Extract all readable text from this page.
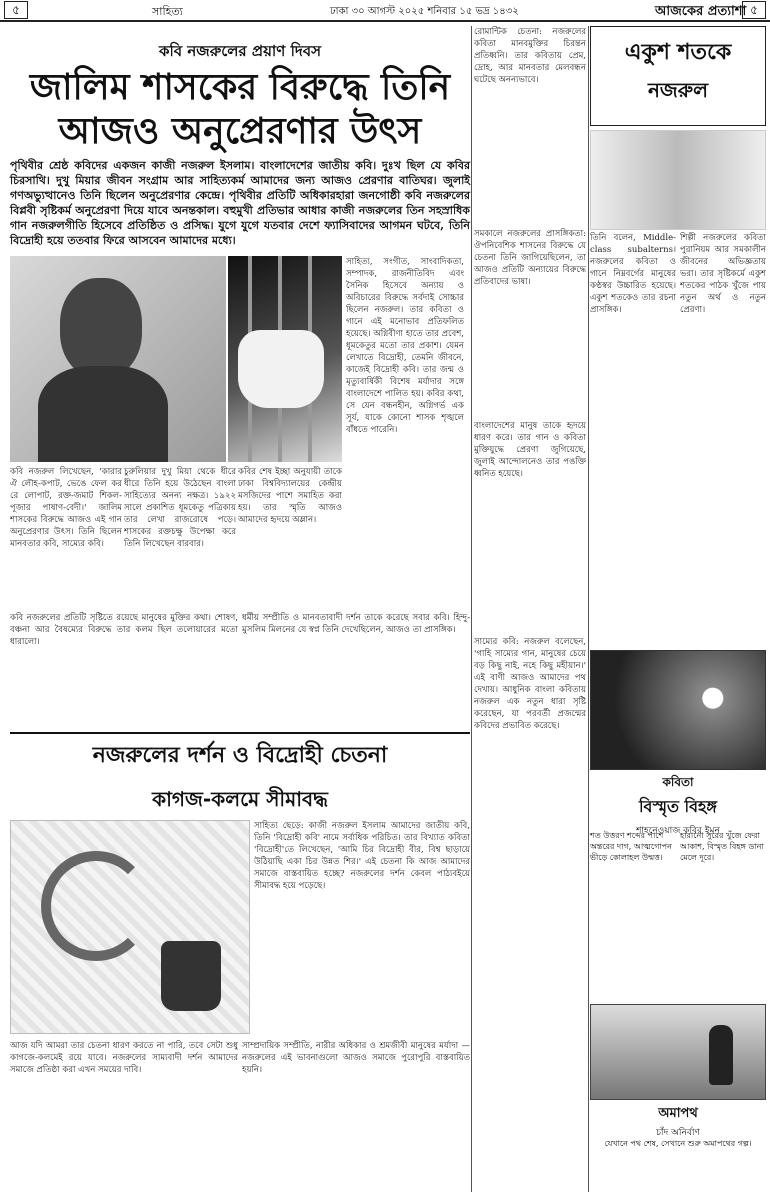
৫	সাহিত্য	ঢাকা ৩০ আগস্ট ২০২৫ শনিবার ১৫ ভদ্র ১৪৩২	আজকের প্রত্যাশা ৫
কবি নজরুলের প্রয়াণ দিবস
জালিম শাসকের বিরুদ্ধে তিনি
আজও অনুপ্রেরণার উৎস
পৃথিবীর শ্রেষ্ঠ কবিদের একজন কাজী নজরুল ইসলাম। বাংলাদেশের জাতীয় কবি। দুঃখ ছিল যে কবির চিরসাথি। দুখু মিয়ার জীবন সংগ্রাম আর সাহিত্যকর্ম আমাদের জন্য আজও প্রেরণার বাতিঘর। জুলাই গণঅভ্যুত্থানেও তিনি ছিলেন অনুপ্রেরণার কেন্দ্রে। পৃথিবীর প্রতিটি অধিকারহারা জনগোষ্ঠী কবি নজরুলের বিপ্লবী সৃষ্টিকর্ম অনুপ্রেরণা দিয়ে যাবে অনন্তকাল। বহুমুখী প্রতিভার আধার কাজী নজরুলের তিন সহস্রাধিক গান নজরুলগীতি হিসেবে প্রতিষ্ঠিত ও প্রসিদ্ধ। যুগে যুগে যতবার দেশে ফ্যাসিবাদের আগমন ঘটবে, তিনি বিদ্রোহী হয়ে ততবার ফিরে আসবেন আমাদের মধ্যে।
সাহিত্য, সংগীত, সাংবাদিকতা, সম্পাদক, রাজনীতিবিদ এবং সৈনিক হিসেবে অন্যায় ও অবিচারের বিরুদ্ধে সর্বদাই সোচ্চার ছিলেন নজরুল। তার কবিতা ও গানে এই মনোভাব প্রতিফলিত হয়েছে। অগ্নিবীণা হাতে তার প্রবেশ, ধূমকেতুর মতো তার প্রকাশ। যেমন লেখাতে বিদ্রোহী, তেমনি জীবনে, কাজেই বিদ্রোহী কবি। তার জন্ম ও মৃত্যুবার্ষিকী বিশেষ মর্যাদার সঙ্গে বাংলাদেশে পালিত হয়। কবির কথা, সে যেন বন্ধনহীন, অগ্নিগর্ভ এক সূর্য, যাকে কোনো শাসক শৃঙ্খলে বাঁধতে পারেনি।
কবি নজরুল লিখেছেন, 'কারার ঐ লৌহ-কপাট, ভেঙে ফেল কর রে লোপাট, রক্ত-জমাট শিকল-পূজার পাষাণ-বেদী।' জালিম শাসকের বিরুদ্ধে আজও এই গান অনুপ্রেরণার উৎস। তিনি ছিলেন মানবতার কবি, সাম্যের কবি।
চুরুলিয়ার দুখু মিয়া থেকে ধীরে ধীরে তিনি হয়ে উঠেছেন বাংলা সাহিত্যের অনন্য নক্ষত্র। ১৯২২ সালে প্রকাশিত ধূমকেতু পত্রিকায় তার লেখা রাজরোষে পড়ে। শাসকের রক্তচক্ষু উপেক্ষা করে তিনি লিখেছেন বারবার।
কবির শেষ ইচ্ছা অনুযায়ী তাকে ঢাকা বিশ্ববিদ্যালয়ের কেন্দ্রীয় মসজিদের পাশে সমাহিত করা হয়। তার স্মৃতি আজও আমাদের হৃদয়ে অম্লান।
কবি নজরুলের প্রতিটি সৃষ্টিতে রয়েছে মানুষের মুক্তির কথা। শোষণ, বঞ্চনা আর বৈষম্যের বিরুদ্ধে তার কলম ছিল তলোয়ারের মতো ধারালো।
ধর্মীয় সম্প্রীতি ও মানবতাবাদী দর্শন তাকে করেছে সবার কবি। হিন্দু-মুসলিম মিলনের যে স্বপ্ন তিনি দেখেছিলেন, আজও তা প্রাসঙ্গিক।
নজরুলের দর্শন ও বিদ্রোহী চেতনা
কাগজ-কলমে সীমাবদ্ধ
সাহিত্য ছেড়ে: কাজী নজরুল ইসলাম আমাদের জাতীয় কবি, তিনি 'বিদ্রোহী কবি' নামে সর্বাধিক পরিচিত। তার বিখ্যাত কবিতা 'বিদ্রোহী'তে লিখেছেন, 'আমি চির বিদ্রোহী বীর, বিশ্ব ছাড়ায়ে উঠিয়াছি একা চির উন্নত শির।' এই চেতনা কি আজ আমাদের সমাজে বাস্তবায়িত হচ্ছে? নজরুলের দর্শন কেবল পাঠ্যবইয়ে সীমাবদ্ধ হয়ে পড়েছে।
আজ যদি আমরা তার চেতনা ধারণ করতে না পারি, তবে সেটা শুধু কাগজে-কলমেই রয়ে যাবে। নজরুলের সাম্যবাদী দর্শন আমাদের সমাজে প্রতিষ্ঠা করা এখন সময়ের দাবি।
সাম্প্রদায়িক সম্প্রীতি, নারীর অধিকার ও শ্রমজীবী মানুষের মর্যাদা — নজরুলের এই ভাবনাগুলো আজও সমাজে পুরোপুরি বাস্তবায়িত হয়নি।
রোমান্টিক চেতনা: নজরুলের কবিতা মানবমুক্তির চিরন্তন প্রতিধ্বনি। তার কবিতায় প্রেম, দ্রোহ, আর মানবতার মেলবন্ধন ঘটেছে অনন্যভাবে।
সমকালে নজরুলের প্রাসঙ্গিকতা: ঔপনিবেশিক শাসনের বিরুদ্ধে যে চেতনা তিনি জাগিয়েছিলেন, তা আজও প্রতিটি অন্যায়ের বিরুদ্ধে প্রতিবাদের ভাষা।
বাংলাদেশের মানুষ তাকে হৃদয়ে ধারণ করে। তার গান ও কবিতা মুক্তিযুদ্ধে প্রেরণা জুগিয়েছে, জুলাই আন্দোলনেও তার পঙক্তি ধ্বনিত হয়েছে।
সাম্যের কবি: নজরুল বলেছেন, 'গাহি সাম্যের গান, মানুষের চেয়ে বড় কিছু নাই, নহে কিছু মহীয়ান।' এই বাণী আজও আমাদের পথ দেখায়। আধুনিক বাংলা কবিতায় নজরুল এক নতুন ধারা সৃষ্টি করেছেন, যা পরবর্তী প্রজন্মের কবিদের প্রভাবিত করেছে।
একুশ শতকে
নজরুল
তিনি বলেন, Middle-class subalterns। নজরুলের কবিতা ও গানে নিম্নবর্গের মানুষের কণ্ঠস্বর উচ্চারিত হয়েছে। একুশ শতকেও তার রচনা প্রাসঙ্গিক।
শিল্পী নজরুলের কবিতা পুরানিয়ম আর সমকালীন জীবনের অভিজ্ঞতায় ভরা। তার সৃষ্টিকর্মে একুশ শতকের পাঠক খুঁজে পায় নতুন অর্থ ও নতুন প্রেরণা।
কবিতা
বিস্মৃত বিহঙ্গ
শাহনেওয়াজ কবির ইমন
শত উত্তরণ শব্দের পাশে অন্তরের দাগ, আত্মগোপন ভীড়ে কোলাহল উন্মত্ত।
হারানো সুরের খুঁজে ফেরা আকাশ, বিস্মৃত বিহঙ্গ ডানা মেলে দূরে।
অমাপথ
চাঁদ অনির্বাণ
যেখানে পথ শেষ, সেখানে শুরু অমাপথের গল্প।
